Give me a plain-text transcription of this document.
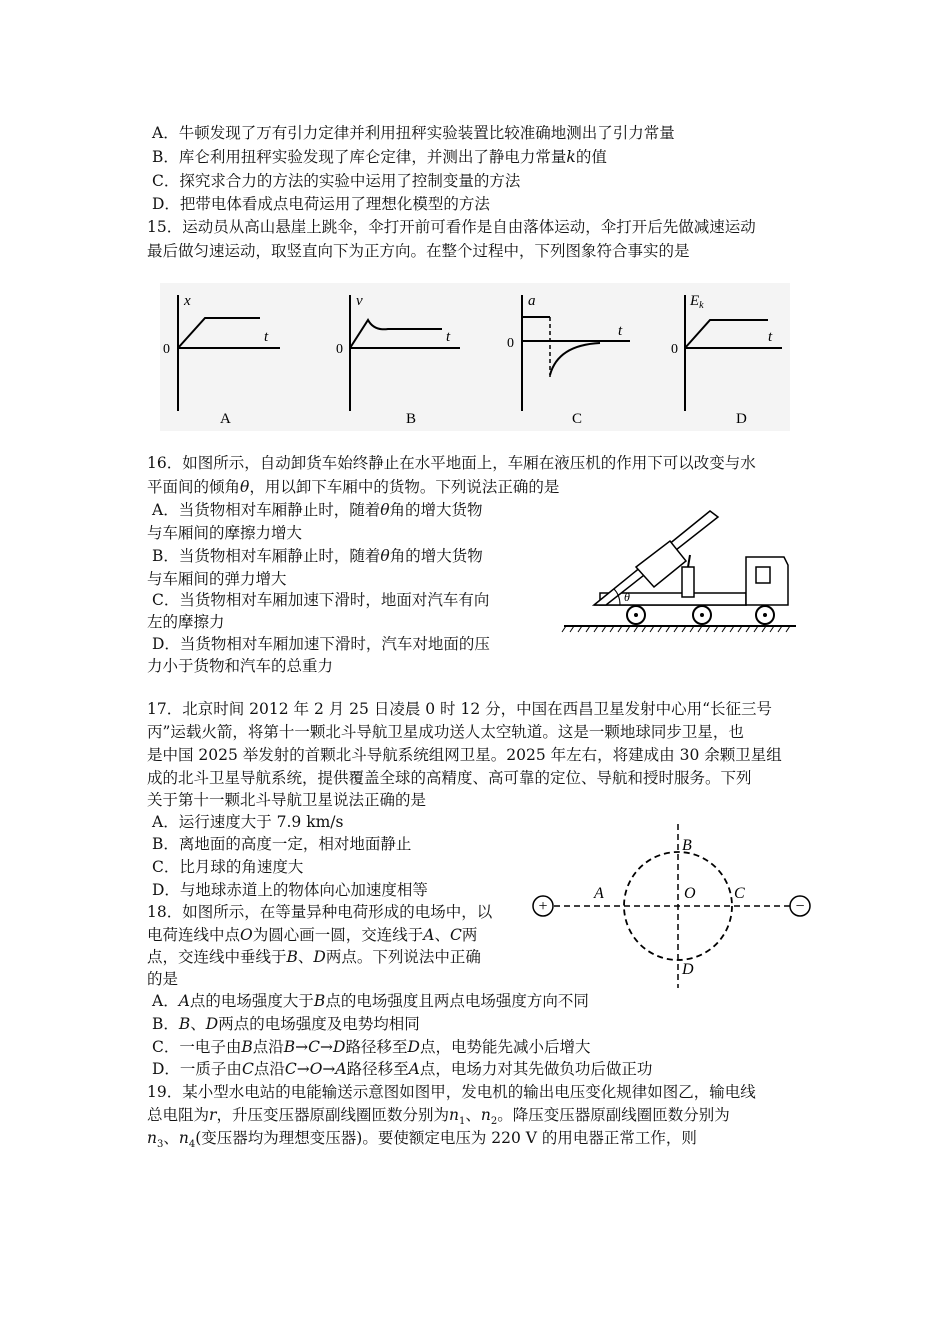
A．牛顿发现了万有引力定律并利用扭秤实验装置比较准确地测出了引力常量
B．库仑利用扭秤实验发现了库仑定律，并测出了静电力常量k的值
C．探究求合力的方法的实验中运用了控制变量的方法
D．把带电体看成点电荷运用了理想化模型的方法
15．运动员从高山悬崖上跳伞，伞打开前可看作是自由落体运动，伞打开后先做减速运动
最后做匀速运动，取竖直向下为正方向。在整个过程中，下列图象符合事实的是
x
t
0
A
v
t
0
B
a
t
0
C
$E_k$
t
0
D
16．如图所示，自动卸货车始终静止在水平地面上，车厢在液压机的作用下可以改变与水
平面间的倾角θ，用以卸下车厢中的货物。下列说法正确的是
A．当货物相对车厢静止时，随着θ角的增大货物
与车厢间的摩擦力增大
B．当货物相对车厢静止时，随着θ角的增大货物
与车厢间的弹力增大
C．当货物相对车厢加速下滑时，地面对汽车有向
左的摩擦力
D．当货物相对车厢加速下滑时，汽车对地面的压
力小于货物和汽车的总重力
θ
17．北京时间 2012 年 2 月 25 日凌晨 0 时 12 分，中国在西昌卫星发射中心用“长征三号
丙”运载火箭，将第十一颗北斗导航卫星成功送人太空轨道。这是一颗地球同步卫星，也
是中国 2025 举发射的首颗北斗导航系统组网卫星。2025 年左右，将建成由 30 余颗卫星组
成的北斗卫星导航系统，提供覆盖全球的高精度、高可靠的定位、导航和授时服务。下列
关于第十一颗北斗导航卫星说法正确的是
A．运行速度大于 7.9 km/s
B．离地面的高度一定，相对地面静止
C．比月球的角速度大
D．与地球赤道上的物体向心加速度相等
18．如图所示，在等量异种电荷形成的电场中，以
电荷连线中点O为圆心画一圆，交连线于A、C两
点，交连线中垂线于B、D两点。下列说法中正确
的是
A．A点的电场强度大于B点的电场强度且两点电场强度方向不同
B．B、D两点的电场强度及电势均相同
C．一电子由B点沿B→C→D路径移至D点，电势能先减小后增大
D．一质子由C点沿C→O→A路径移至A点，电场力对其先做负功后做正功
+	−
A
B
C
D
O
19．某小型水电站的电能输送示意图如图甲，发电机的输出电压变化规律如图乙，输电线
总电阻为r，升压变压器原副线圈匝数分别为$n_1$、$n_2$。降压变压器原副线圈匝数分别为
$n_3$、$n_4$(变压器均为理想变压器)。要使额定电压为 220 V 的用电器正常工作，则
